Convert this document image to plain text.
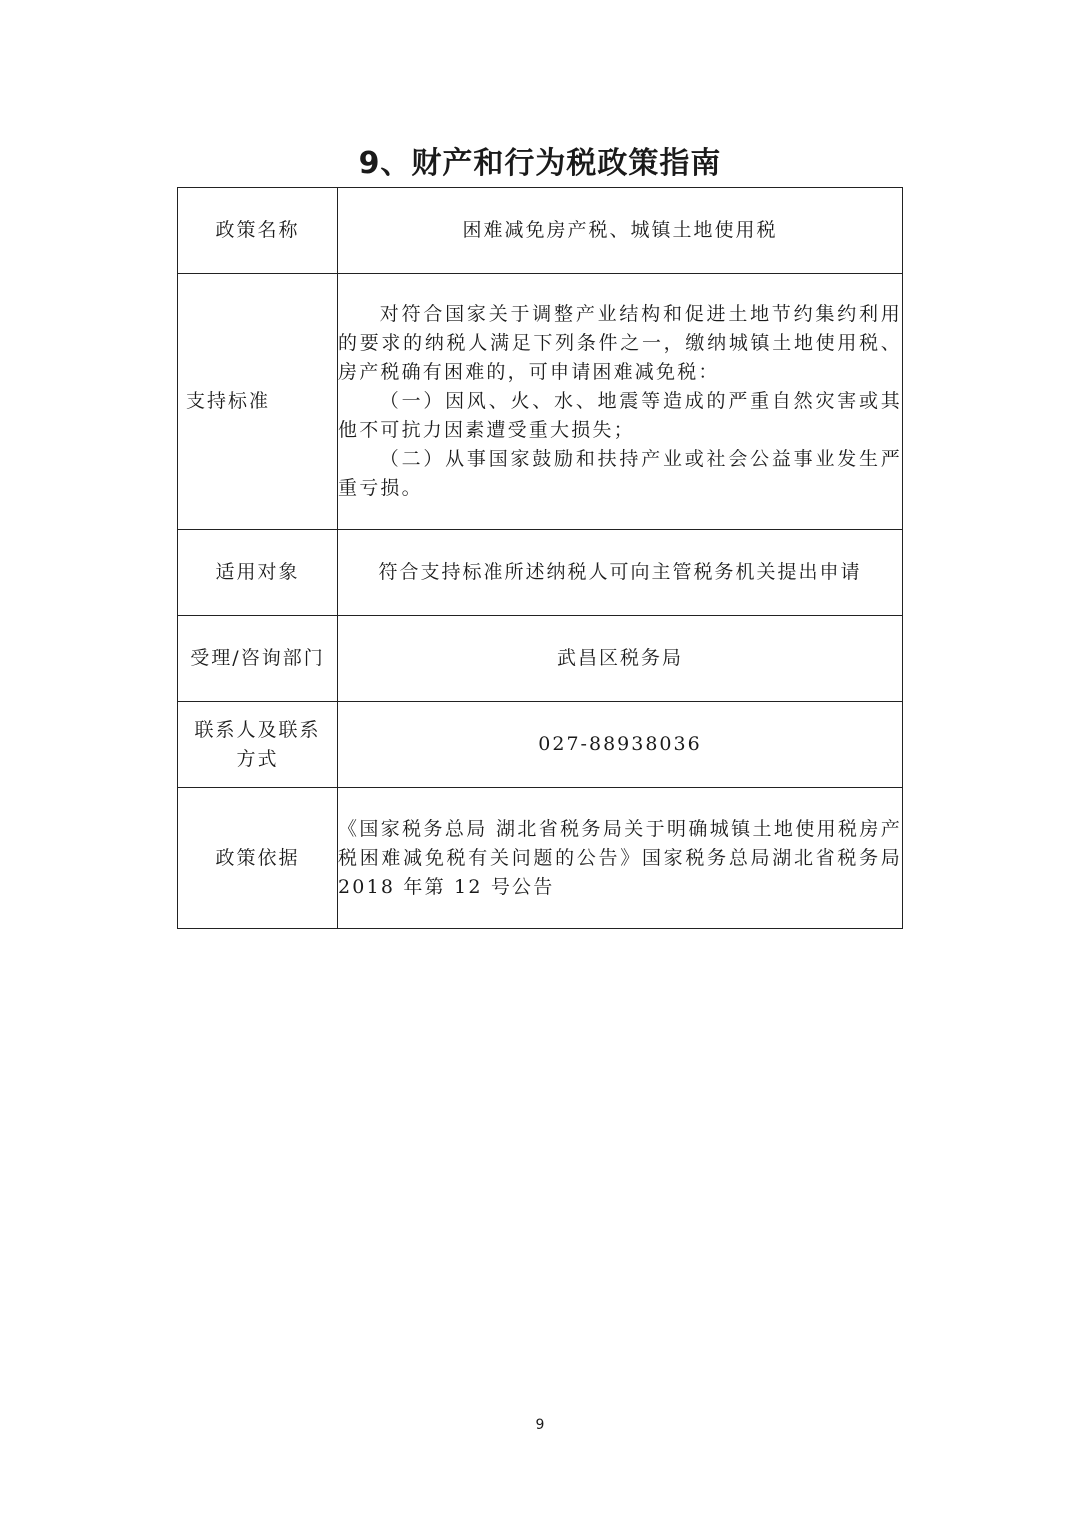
9、财产和行为税政策指南
政策名称	困难减免房产税、城镇土地使用税
支持标准	对符合国家关于调整产业结构和促进土地节约集约利用的要求的纳税人满足下列条件之一，缴纳城镇土地使用税、房产税确有困难的，可申请困难减免税：

（一）因风、火、水、地震等造成的严重自然灾害或其他不可抗力因素遭受重大损失；

（二）从事国家鼓励和扶持产业或社会公益事业发生严重亏损。

适用对象	符合支持标准所述纳税人可向主管税务机关提出申请
受理/咨询部门	武昌区税务局

联系人及联系方式	027-88938036
政策依据	《国家税务总局 湖北省税务局关于明确城镇土地使用税房产税困难减免税有关问题的公告》国家税务总局湖北省税务局 2018 年第 12 号公告

9
